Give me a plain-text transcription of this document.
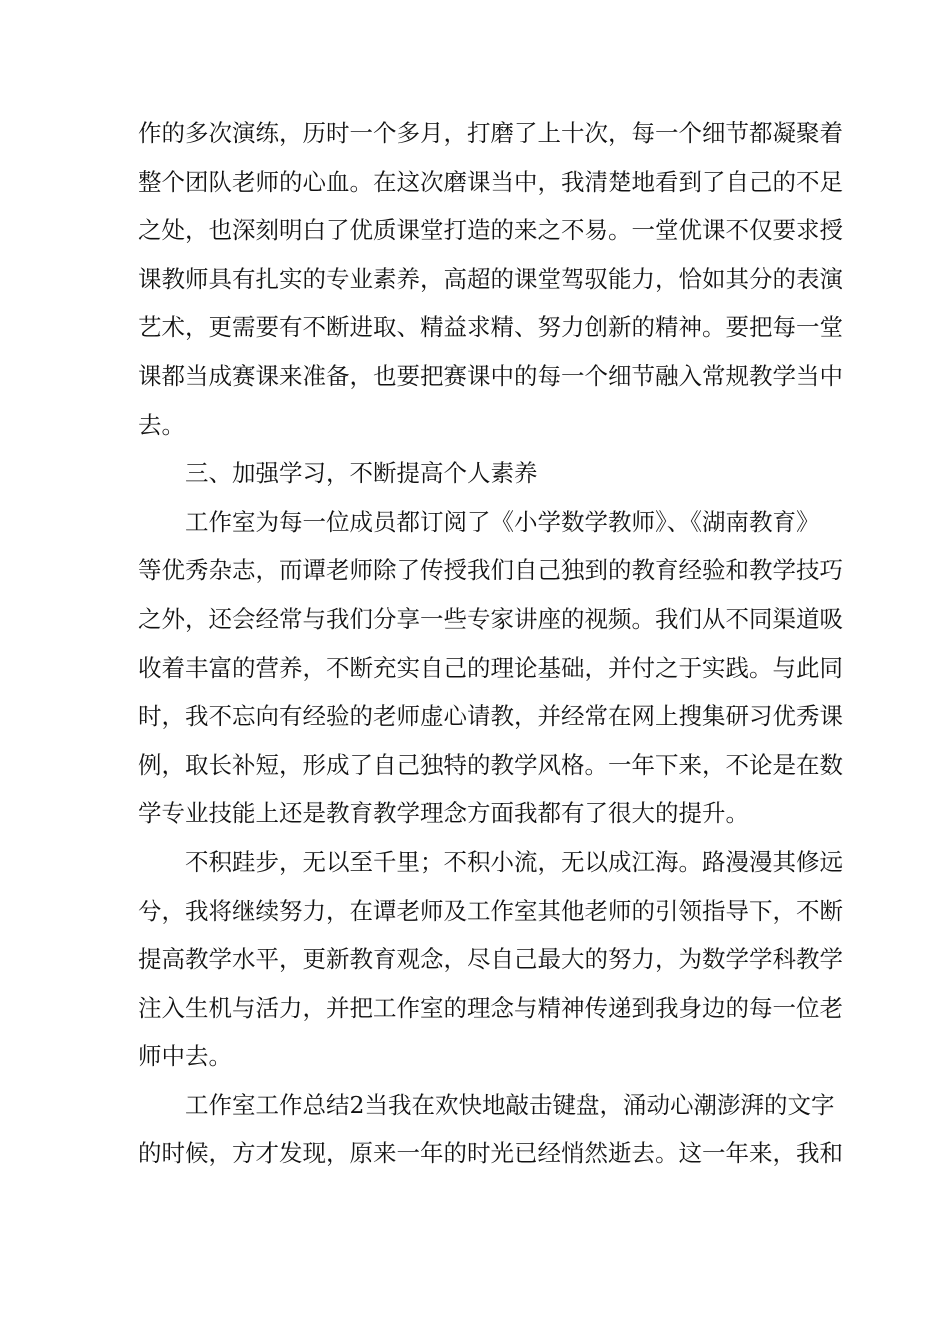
作的多次演练，历时一个多月，打磨了上十次，每一个细节都凝聚着
整个团队老师的心血。在这次磨课当中，我清楚地看到了自己的不足
之处，也深刻明白了优质课堂打造的来之不易。一堂优课不仅要求授
课教师具有扎实的专业素养，高超的课堂驾驭能力，恰如其分的表演
艺术，更需要有不断进取、精益求精、努力创新的精神。要把每一堂
课都当成赛课来准备，也要把赛课中的每一个细节融入常规教学当中
去。
三、加强学习，不断提高个人素养
工作室为每一位成员都订阅了《小学数学教师》、《湖南教育》
等优秀杂志，而谭老师除了传授我们自己独到的教育经验和教学技巧
之外，还会经常与我们分享一些专家讲座的视频。我们从不同渠道吸
收着丰富的营养，不断充实自己的理论基础，并付之于实践。与此同
时，我不忘向有经验的老师虚心请教，并经常在网上搜集研习优秀课
例，取长补短，形成了自己独特的教学风格。一年下来，不论是在数
学专业技能上还是教育教学理念方面我都有了很大的提升。
不积跬步，无以至千里；不积小流，无以成江海。路漫漫其修远
兮，我将继续努力，在谭老师及工作室其他老师的引领指导下，不断
提高教学水平，更新教育观念，尽自己最大的努力，为数学学科教学
注入生机与活力，并把工作室的理念与精神传递到我身边的每一位老
师中去。
工作室工作总结2当我在欢快地敲击键盘，涌动心潮澎湃的文字
的时候，方才发现，原来一年的时光已经悄然逝去。这一年来，我和
